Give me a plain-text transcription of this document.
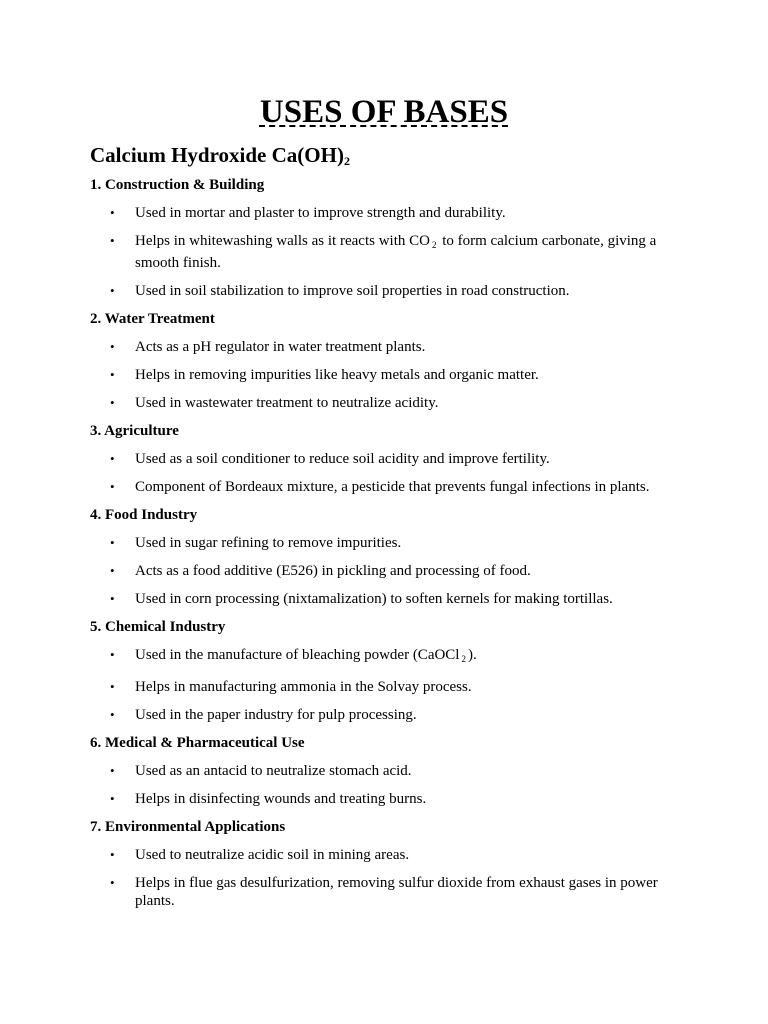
USES OF BASES
Calcium Hydroxide $Ca(OH)_2$
1. Construction & Building
• Used in mortar and plaster to improve strength and durability.
• Helps in whitewashing walls as it reacts with CO $_2$ to form calcium carbonate, giving a smooth finish.
• Used in soil stabilization to improve soil properties in road construction.
2. Water Treatment
• Acts as a pH regulator in water treatment plants.
• Helps in removing impurities like heavy metals and organic matter.
• Used in wastewater treatment to neutralize acidity.
3. Agriculture
• Used as a soil conditioner to reduce soil acidity and improve fertility.
• Component of Bordeaux mixture, a pesticide that prevents fungal infections in plants.
4. Food Industry
• Used in sugar refining to remove impurities.
• Acts as a food additive (E526) in pickling and processing of food.
• Used in corn processing (nixtamalization) to soften kernels for making tortillas.
5. Chemical Industry
• Used in the manufacture of bleaching powder (CaOCl $_2$ ).
• Helps in manufacturing ammonia in the Solvay process.
• Used in the paper industry for pulp processing.
6. Medical & Pharmaceutical Use
• Used as an antacid to neutralize stomach acid.
• Helps in disinfecting wounds and treating burns.
7. Environmental Applications
• Used to neutralize acidic soil in mining areas.
• Helps in flue gas desulfurization, removing sulfur dioxide from exhaust gases in power plants.
